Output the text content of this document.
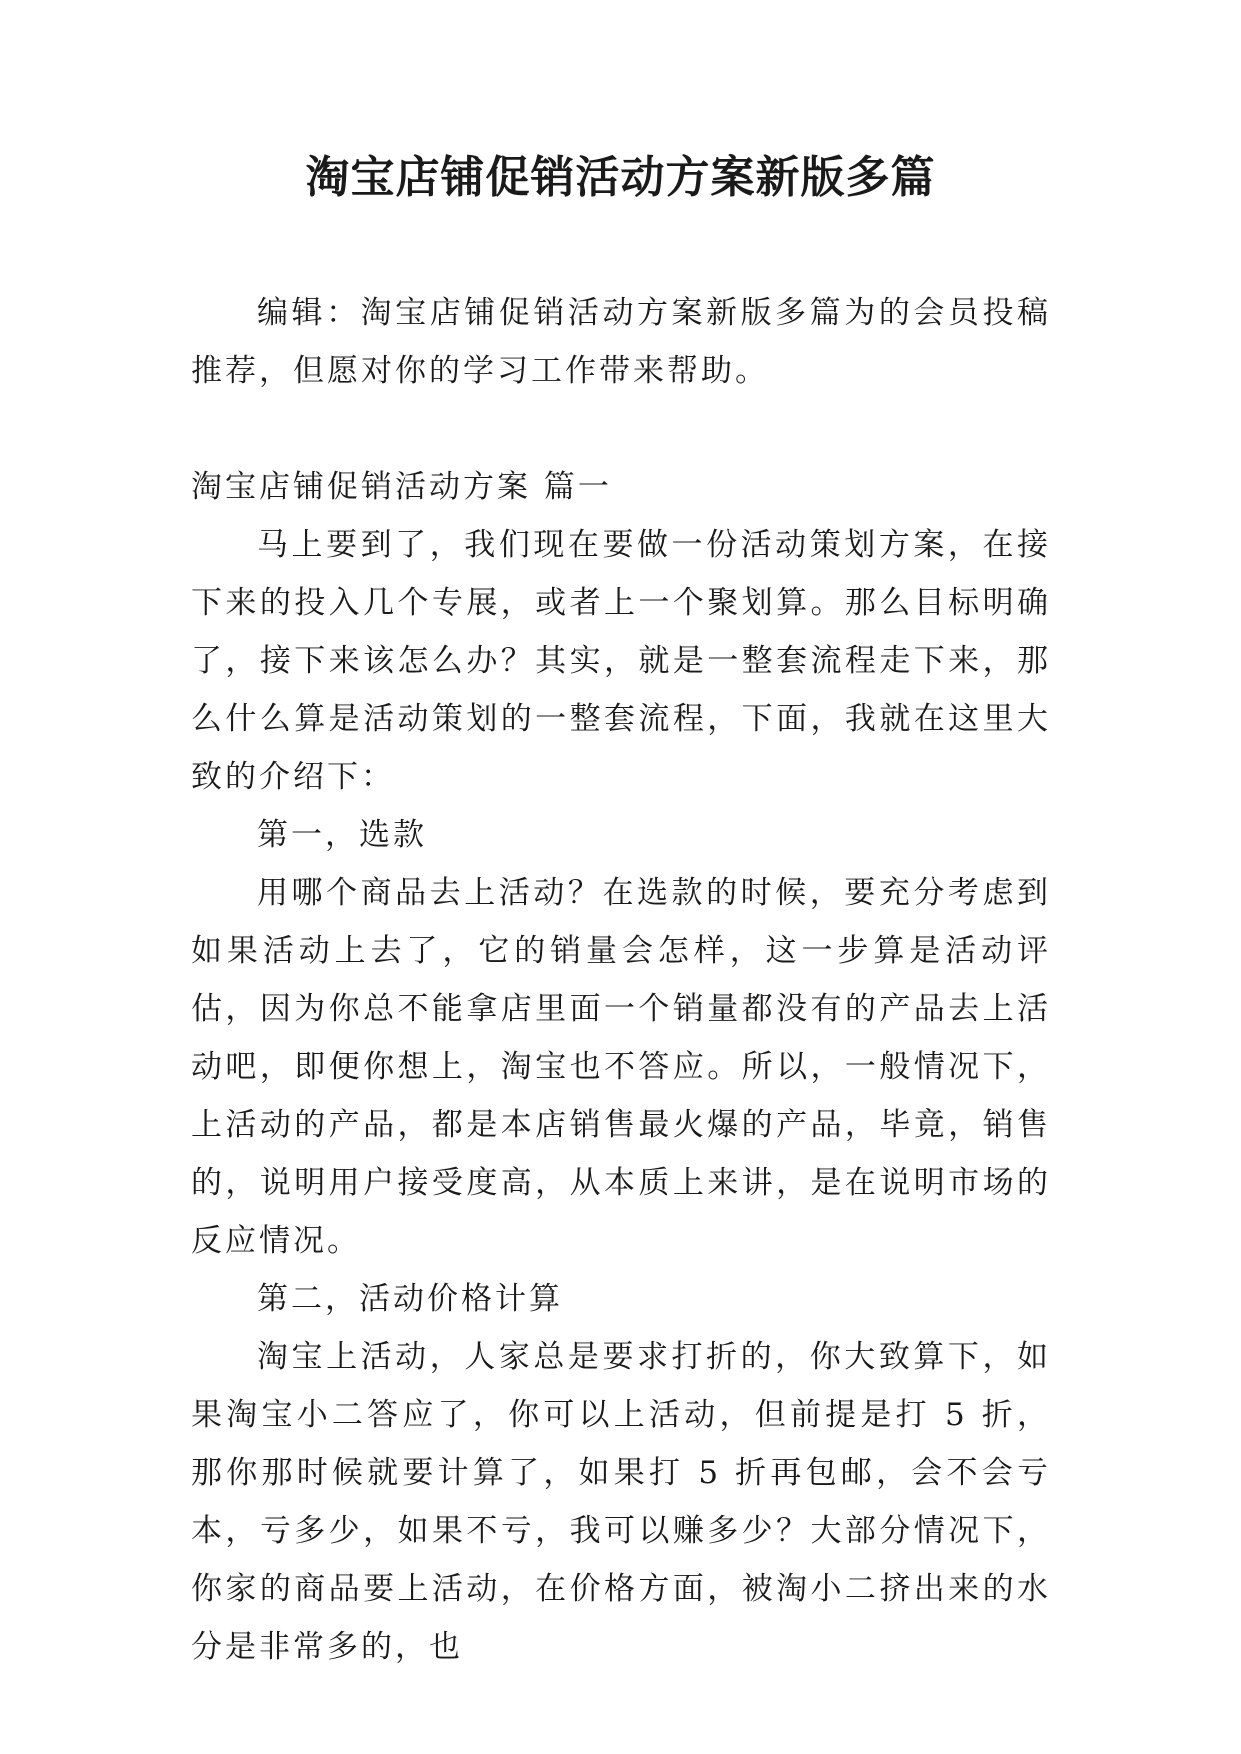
淘宝店铺促销活动方案新版多篇

编辑：淘宝店铺促销活动方案新版多篇为的会员投稿推荐，但愿对你的学习工作带来帮助。

淘宝店铺促销活动方案 篇一

马上要到了，我们现在要做一份活动策划方案，在接下来的投入几个专展，或者上一个聚划算。那么目标明确了，接下来该怎么办？其实，就是一整套流程走下来，那么什么算是活动策划的一整套流程，下面，我就在这里大致的介绍下：

第一，选款

用哪个商品去上活动？在选款的时候，要充分考虑到如果活动上去了，它的销量会怎样，这一步算是活动评估，因为你总不能拿店里面一个销量都没有的产品去上活动吧，即便你想上，淘宝也不答应。所以，一般情况下，上活动的产品，都是本店销售最火爆的产品，毕竟，销售的，说明用户接受度高，从本质上来讲，是在说明市场的反应情况。

第二，活动价格计算

淘宝上活动，人家总是要求打折的，你大致算下，如果淘宝小二答应了，你可以上活动，但前提是打 5 折，那你那时候就要计算了，如果打 5 折再包邮，会不会亏本，亏多少，如果不亏，我可以赚多少？大部分情况下，你家的商品要上活动，在价格方面，被淘小二挤出来的水分是非常多的，也
